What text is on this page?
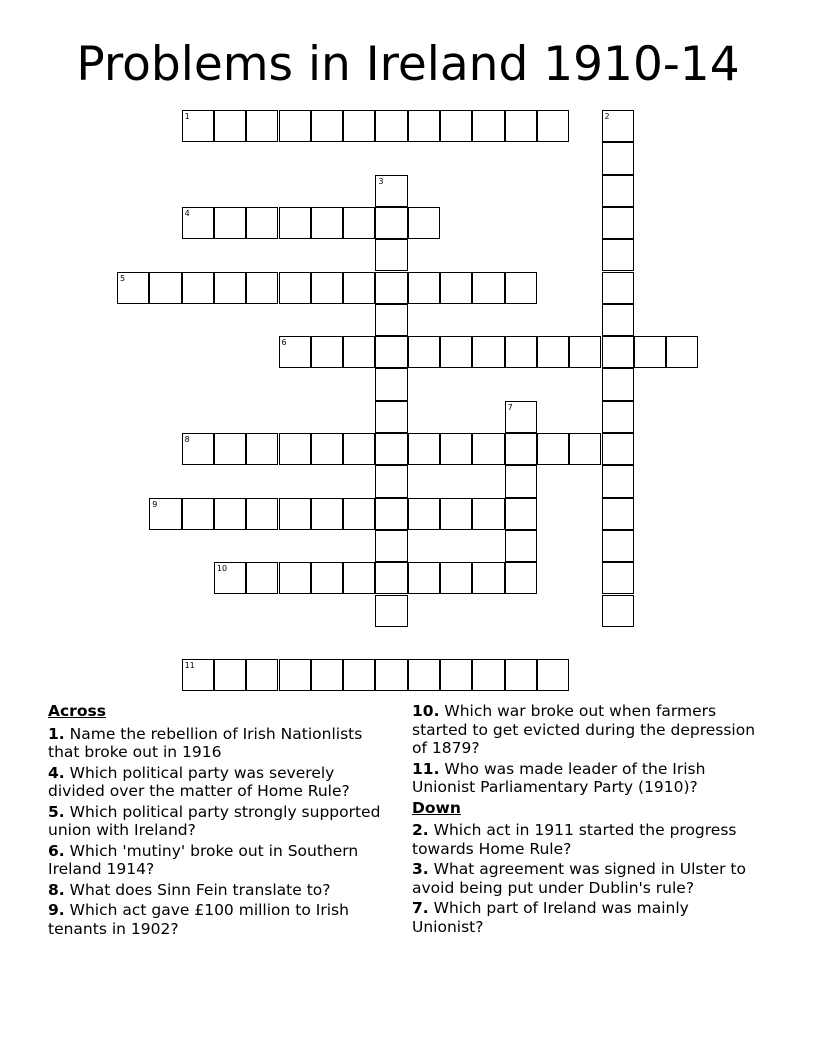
Problems in Ireland 1910-14
1	2
3
4
5
6
7
8
9
10
11
Across
1. Name the rebellion of Irish Nationlists that broke out in 1916
4. Which political party was severely divided over the matter of Home Rule?
5. Which political party strongly supported union with Ireland?
6. Which 'mutiny' broke out in Southern Ireland 1914?
8. What does Sinn Fein translate to?
9. Which act gave £100 million to Irish tenants in 1902?
10. Which war broke out when farmers started to get evicted during the depression of 1879?
11. Who was made leader of the Irish Unionist Parliamentary Party (1910)?
Down
2. Which act in 1911 started the progress towards Home Rule?
3. What agreement was signed in Ulster to avoid being put under Dublin's rule?
7. Which part of Ireland was mainly Unionist?
